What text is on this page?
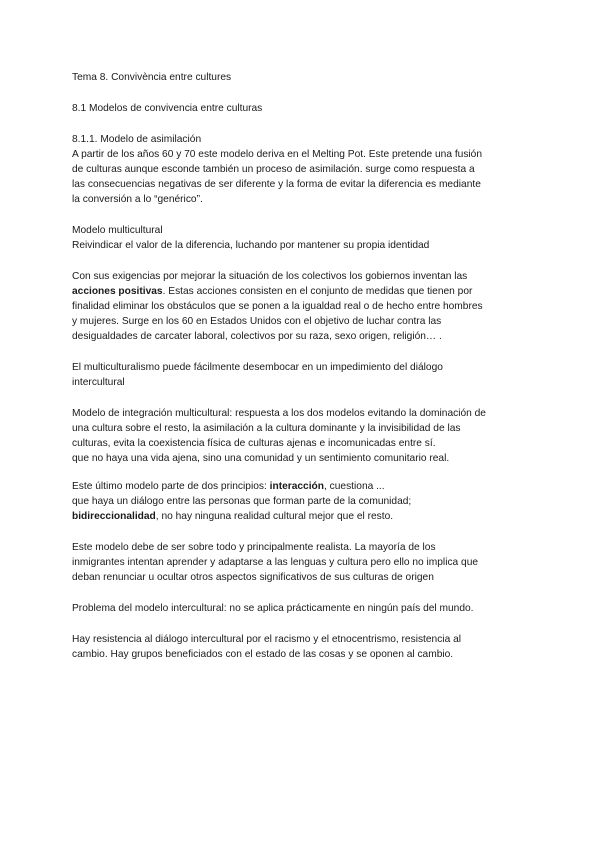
Tema 8. Convivència entre cultures

8.1 Modelos de convivencia entre culturas

8.1.1. Modelo de asimilación
A partir de los años 60 y 70 este modelo deriva en el Melting Pot. Este pretende una fusión
de culturas aunque esconde también un proceso de asimilación. surge como respuesta a
las consecuencias negativas de ser diferente y la forma de evitar la diferencia es mediante
la conversión a lo “genérico”.
Modelo multicultural
Reivindicar el valor de la diferencia, luchando por mantener su propia identidad
Con sus exigencias por mejorar la situación de los colectivos los gobiernos inventan las
acciones positivas. Estas acciones consisten en el conjunto de medidas que tienen por
finalidad eliminar los obstáculos que se ponen a la igualdad real o de hecho entre hombres
y mujeres. Surge en los 60 en Estados Unidos con el objetivo de luchar contra las
desigualdades de carcater laboral, colectivos por su raza, sexo origen, religión… .
El multiculturalismo puede fácilmente desembocar en un impedimiento del diálogo
intercultural
Modelo de integración multicultural: respuesta a los dos modelos evitando la dominación de
una cultura sobre el resto, la asimilación a la cultura dominante y la invisibilidad de las
culturas, evita la coexistencia física de culturas ajenas e incomunicadas entre sí.
que no haya una vida ajena, sino una comunidad y un sentimiento comunitario real.
Este último modelo parte de dos principios: interacción, cuestiona ...
que haya un diálogo entre las personas que forman parte de la comunidad;
bidireccionalidad, no hay ninguna realidad cultural mejor que el resto.
Este modelo debe de ser sobre todo y principalmente realista. La mayoría de los
inmigrantes intentan aprender y adaptarse a las lenguas y cultura pero ello no implica que
deban renunciar u ocultar otros aspectos significativos de sus culturas de origen
Problema del modelo intercultural: no se aplica prácticamente en ningún país del mundo.
Hay resistencia al diálogo intercultural por el racismo y el etnocentrismo, resistencia al
cambio. Hay grupos beneficiados con el estado de las cosas y se oponen al cambio.
